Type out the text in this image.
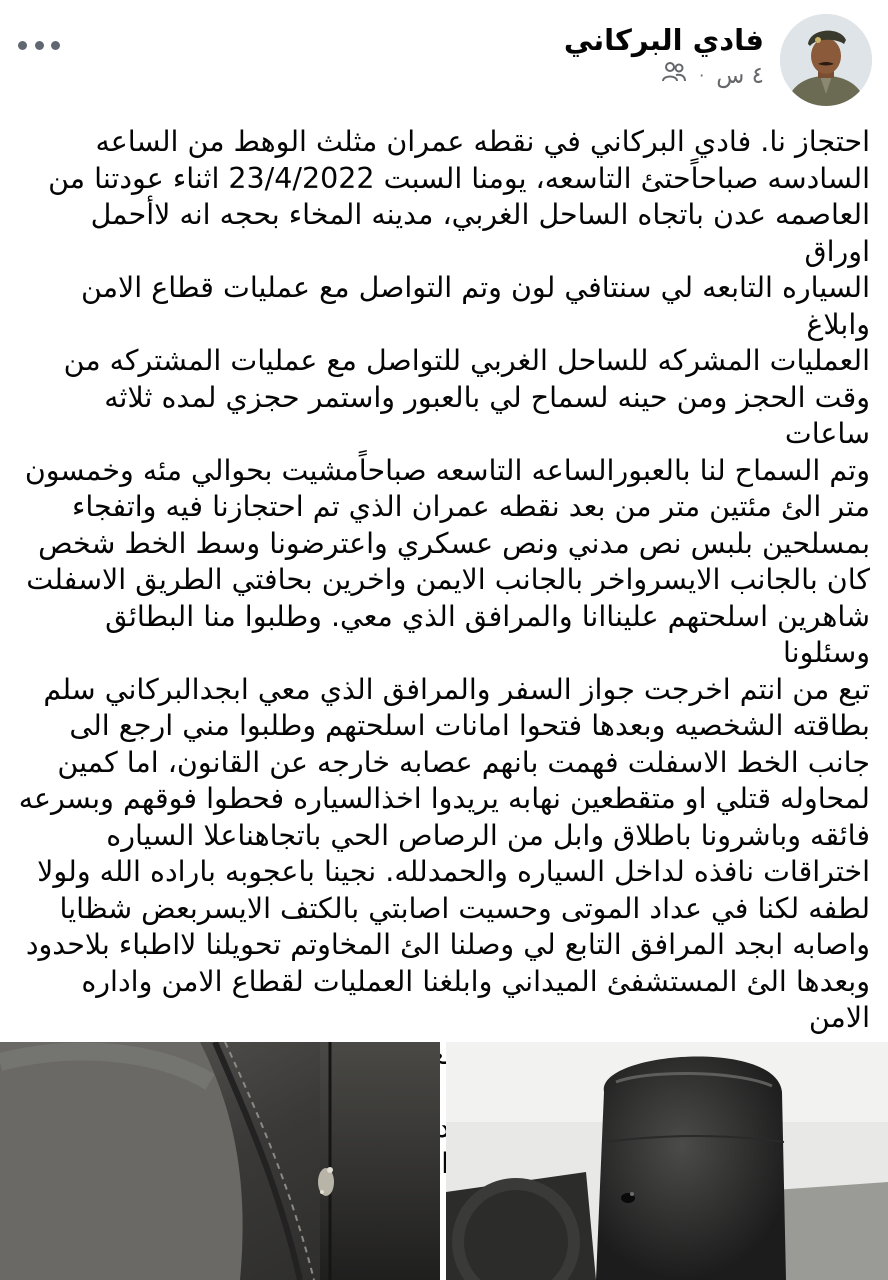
فادي البركاني
٤ س
·

احتجاز نا. فادي البركاني في نقطه عمران مثلث الوهط من الساعه
السادسه صباحاًحتئ التاسعه، يومنا السبت 23/4/2022 اثناء عودتنا من
العاصمه عدن باتجاه الساحل الغربي، مدينه المخاء بحجه انه لاأحمل اوراق
السياره التابعه لي سنتافي لون وتم التواصل مع عمليات قطاع الامن وابلاغ
العمليات المشركه للساحل الغربي للتواصل مع عمليات المشتركه من
وقت الحجز ومن حينه لسماح لي بالعبور واستمر حجزي لمده ثلاثه ساعات
وتم السماح لنا بالعبورالساعه التاسعه صباحاًمشيت بحوالي مئه وخمسون
متر الئ مئتين متر من بعد نقطه عمران الذي تم احتجازنا فيه واتفجاء
بمسلحين بلبس نص مدني ونص عسكري واعترضونا وسط الخط شخص
كان بالجانب الايسرواخر بالجانب الايمن واخرين بحافتي الطريق الاسفلت
شاهرين اسلحتهم عليناانا والمرافق الذي معي. وطلبوا منا البطائق وسئلونا
تبع من انتم اخرجت جواز السفر والمرافق الذي معي ابجدالبركاني سلم
بطاقته الشخصيه وبعدها فتحوا امانات اسلحتهم وطلبوا مني ارجع الى
جانب الخط الاسفلت فهمت بانهم عصابه خارجه عن القانون، اما كمين
لمحاوله قتلي او متقطعين نهابه يريدوا اخذالسياره فحطوا فوقهم وبسرعه
فائقه وباشرونا باطلاق وابل من الرصاص الحي باتجاهناعلا السياره
اختراقات نافذه لداخل السياره والحمدلله. نجينا باعجوبه باراده الله ولولا
لطفه لكنا في عداد الموتى وحسيت اصابتي بالكتف الايسربعض شظايا
واصابه ابجد المرافق التابع لي وصلنا الئ المخاوتم تحويلنا لااطباء بلاحدود
وبعدها الئ المستشفئ الميداني وابلغنا العمليات لقطاع الامن واداره الامن
